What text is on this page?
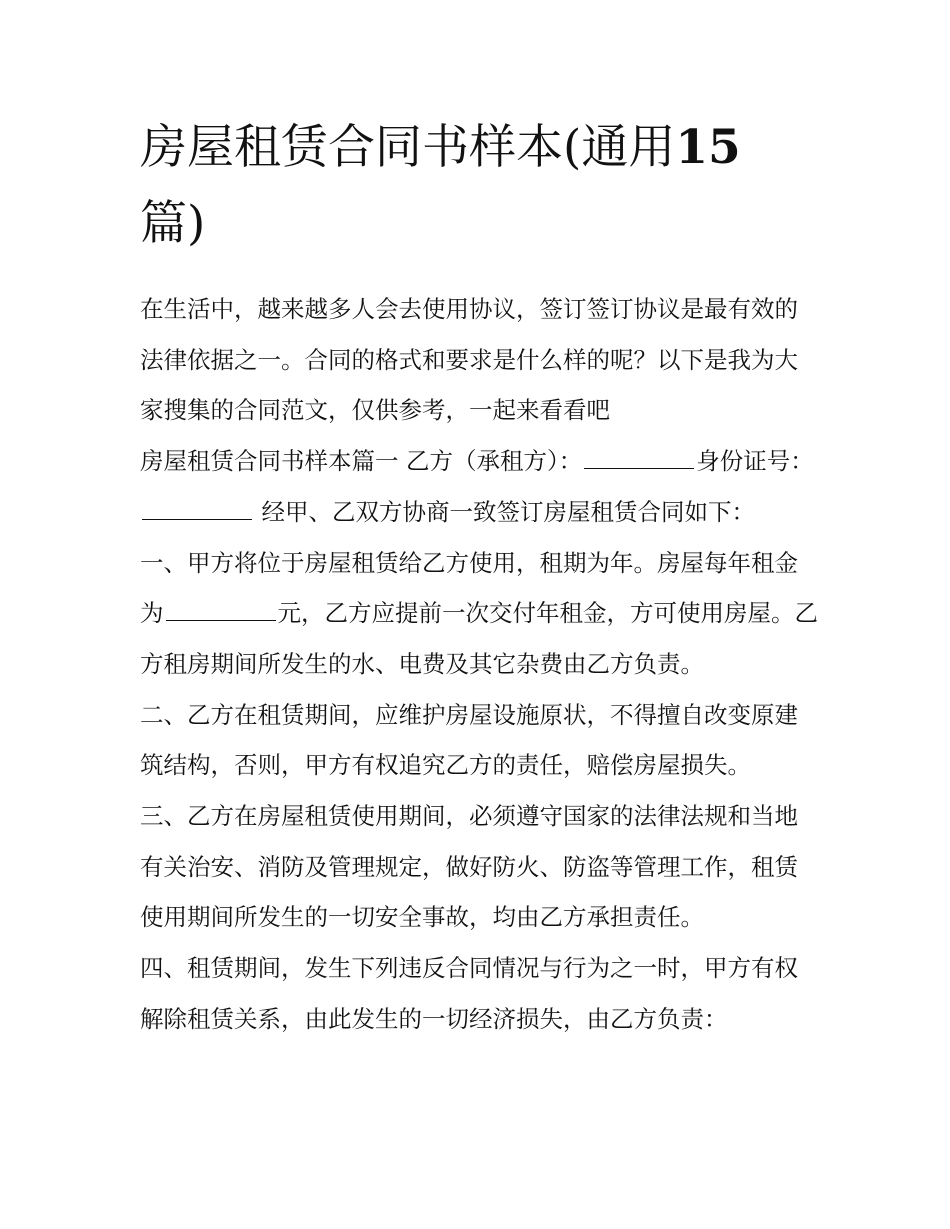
房屋租赁合同书样本(通用15
篇)

在生活中，越来越多人会去使用协议，签订签订协议是最有效的法律依据之一。合同的格式和要求是什么样的呢？以下是我为大家搜集的合同范文，仅供参考，一起来看看吧

房屋租赁合同书样本篇一 乙方（承租方）：	身份证号： 经甲、乙双方协商一致签订房屋租赁合同如下：

一、甲方将位于房屋租赁给乙方使用，租期为年。房屋每年租金为	元，乙方应提前一次交付年租金，方可使用房屋。乙方租房期间所发生的水、电费及其它杂费由乙方负责。

二、乙方在租赁期间，应维护房屋设施原状，不得擅自改变原建筑结构，否则，甲方有权追究乙方的责任，赔偿房屋损失。

三、乙方在房屋租赁使用期间，必须遵守国家的法律法规和当地有关治安、消防及管理规定，做好防火、防盗等管理工作，租赁使用期间所发生的一切安全事故，均由乙方承担责任。

四、租赁期间，发生下列违反合同情况与行为之一时，甲方有权解除租赁关系，由此发生的一切经济损失，由乙方负责：
